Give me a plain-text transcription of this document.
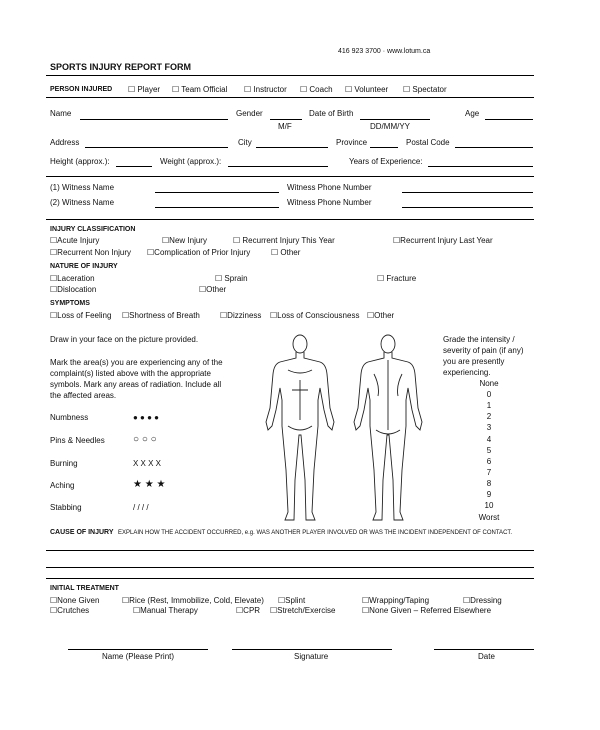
416 923 3700 · www.lotum.ca
SPORTS INJURY REPORT FORM
PERSON INJURED ☐ Player ☐ Team Official ☐ Instructor ☐ Coach ☐ Volunteer ☐ Spectator
Name	Gender	Date of Birth	Age
M/F	DD/MM/YY
Address	City	Province	Postal Code
Height (approx.):	Weight (approx.):	Years of Experience:
(1) Witness Name	Witness Phone Number
(2) Witness Name	Witness Phone Number
INJURY CLASSIFICATION
☐Acute Injury	☐New Injury	☐ Recurrent Injury This Year	☐Recurrent Injury Last Year
☐Recurrent Non Injury ☐Complication of Prior Injury	☐ Other
NATURE OF INJURY
☐Laceration	☐ Sprain	☐ Fracture
☐Dislocation	☐Other
SYMPTOMS
☐Loss of Feeling ☐Shortness of Breath	☐Dizziness ☐Loss of Consciousness ☐Other
Draw in your face on the picture provided.
Mark the area(s) you are experiencing any of the
complaint(s) listed above with the appropriate
symbols. Mark any areas of radiation. Include all
the affected areas.
Numbness	● ● ● ●
Pins & Needles	○ ○ ○
Burning	X X X X
Aching	★ ★ ★
Stabbing	/ / / /
Grade the intensity /
severity of pain (if any)
you are presently
experiencing.
None
0
1
2
3
4
5
6
7
8
9
10
Worst
CAUSE OF INJURY EXPLAIN HOW THE ACCIDENT OCCURRED, e.g. WAS ANOTHER PLAYER INVOLVED OR WAS THE INCIDENT INDEPENDENT OF CONTACT.
INITIAL TREATMENT
☐None Given	☐Rice (Rest, Immobilize, Cold, Elevate) ☐Splint	☐Wrapping/Taping	☐Dressing
☐Crutches	☐Manual Therapy	☐CPR ☐Stretch/Exercise	☐None Given – Referred Elsewhere
Name (Please Print)	Signature	Date
